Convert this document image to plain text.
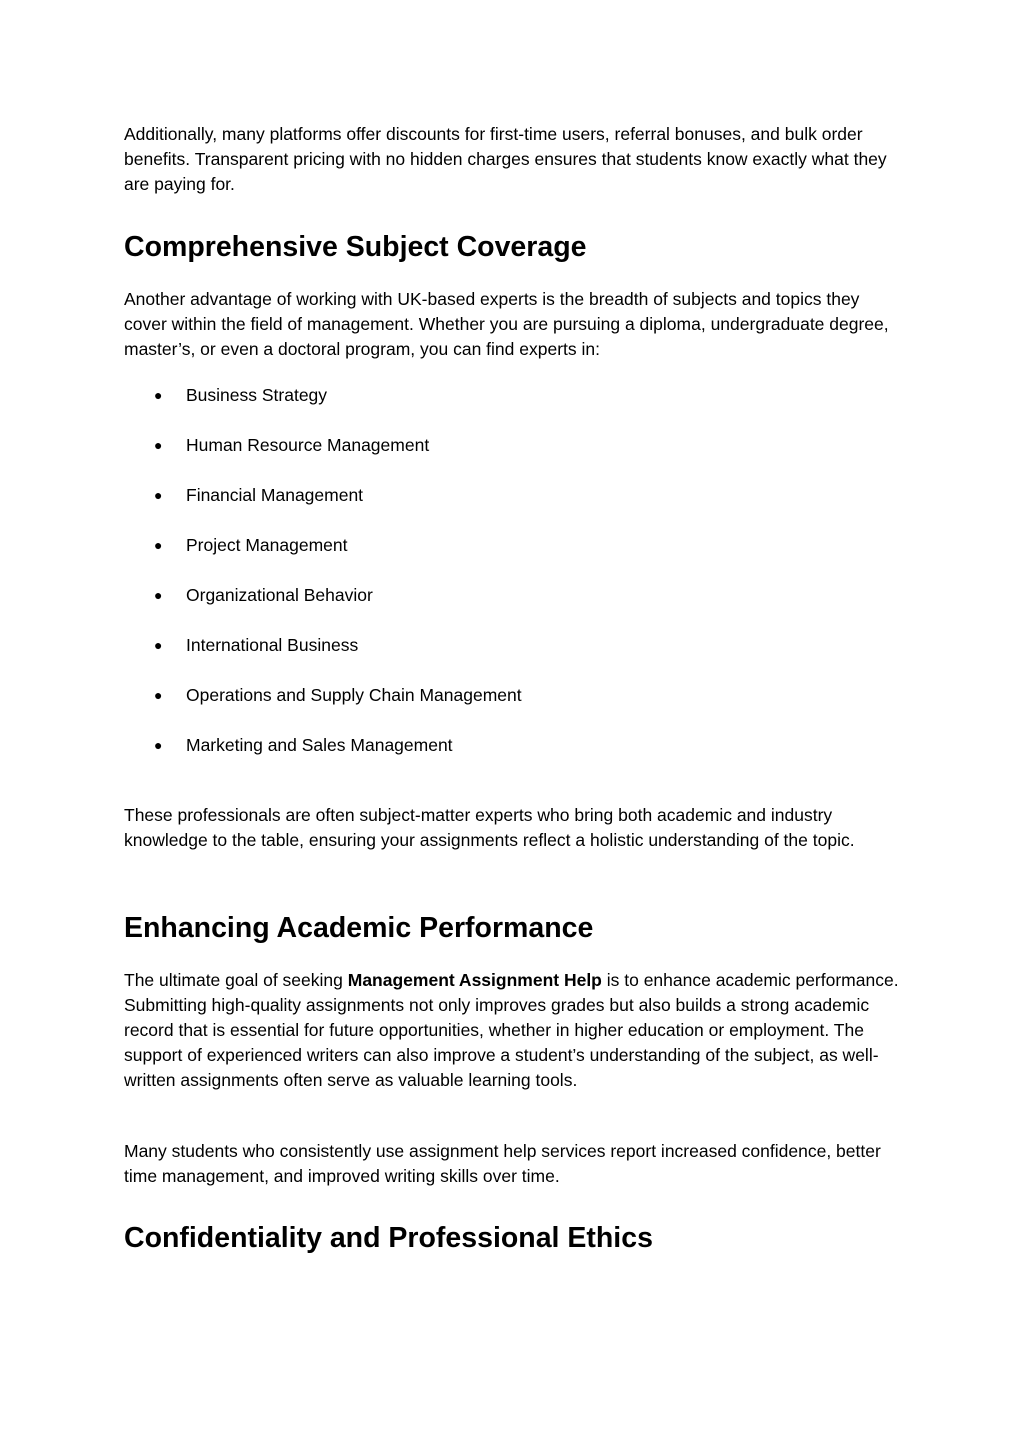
Additionally, many platforms offer discounts for first-time users, referral bonuses, and bulk order benefits. Transparent pricing with no hidden charges ensures that students know exactly what they are paying for.

Comprehensive Subject Coverage

Another advantage of working with UK-based experts is the breadth of subjects and topics they cover within the field of management. Whether you are pursuing a diploma, undergraduate degree, master’s, or even a doctoral program, you can find experts in:

● Business Strategy
● Human Resource Management
● Financial Management
● Project Management
● Organizational Behavior
● International Business
● Operations and Supply Chain Management
● Marketing and Sales Management

These professionals are often subject-matter experts who bring both academic and industry knowledge to the table, ensuring your assignments reflect a holistic understanding of the topic.

Enhancing Academic Performance

The ultimate goal of seeking Management Assignment Help is to enhance academic performance. Submitting high-quality assignments not only improves grades but also builds a strong academic record that is essential for future opportunities, whether in higher education or employment. The support of experienced writers can also improve a student’s understanding of the subject, as well-written assignments often serve as valuable learning tools.

Many students who consistently use assignment help services report increased confidence, better time management, and improved writing skills over time.

Confidentiality and Professional Ethics
